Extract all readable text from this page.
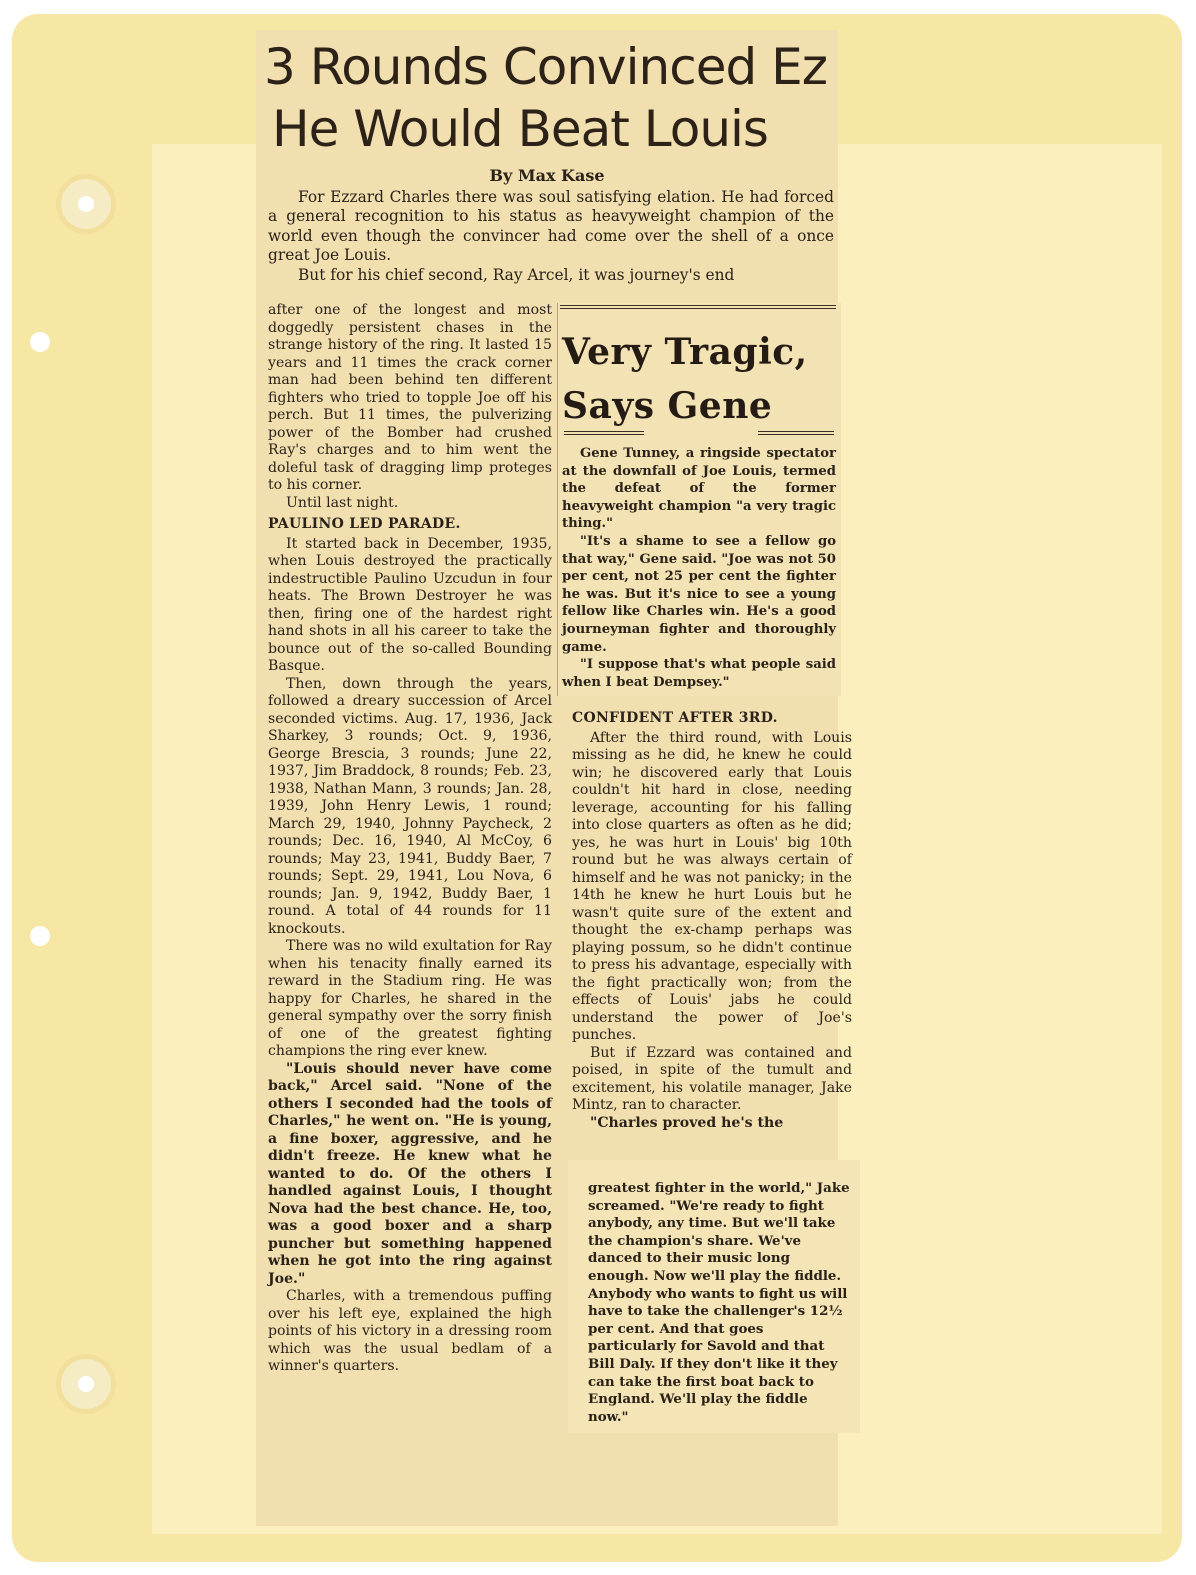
3 Rounds Convinced Ez
He Would Beat Louis
By Max Kase

For Ezzard Charles there was soul satisfying elation. He had forced a general recognition to his status as heavyweight champion of the world even though the convincer had come over the shell of a once great Joe Louis.

But for his chief second, Ray Arcel, it was journey's end

after one of the longest and most doggedly persistent chases in the strange history of the ring. It lasted 15 years and 11 times the crack corner man had been behind ten different fighters who tried to topple Joe off his perch. But 11 times, the pulverizing power of the Bomber had crushed Ray's charges and to him went the doleful task of dragging limp proteges to his corner.

Until last night.

PAULINO LED PARADE.

It started back in December, 1935, when Louis destroyed the practically indestructible Paulino Uzcudun in four heats. The Brown Destroyer he was then, firing one of the hardest right hand shots in all his career to take the bounce out of the so-called Bounding Basque.

Then, down through the years, followed a dreary succession of Arcel seconded victims. Aug. 17, 1936, Jack Sharkey, 3 rounds; Oct. 9, 1936, George Brescia, 3 rounds; June 22, 1937, Jim Braddock, 8 rounds; Feb. 23, 1938, Nathan Mann, 3 rounds; Jan. 28, 1939, John Henry Lewis, 1 round; March 29, 1940, Johnny Paycheck, 2 rounds; Dec. 16, 1940, Al McCoy, 6 rounds; May 23, 1941, Buddy Baer, 7 rounds; Sept. 29, 1941, Lou Nova, 6 rounds; Jan. 9, 1942, Buddy Baer, 1 round. A total of 44 rounds for 11 knockouts.

There was no wild exultation for Ray when his tenacity finally earned its reward in the Stadium ring. He was happy for Charles, he shared in the general sympathy over the sorry finish of one of the greatest fighting champions the ring ever knew.

"Louis should never have come back," Arcel said. "None of the others I seconded had the tools of Charles," he went on. "He is young, a fine boxer, aggressive, and he didn't freeze. He knew what he wanted to do. Of the others I handled against Louis, I thought Nova had the best chance. He, too, was a good boxer and a sharp puncher but something happened when he got into the ring against Joe."

Charles, with a tremendous puffing over his left eye, explained the high points of his victory in a dressing room which was the usual bedlam of a winner's quarters.

CONFIDENT AFTER 3RD.

After the third round, with Louis missing as he did, he knew he could win; he discovered early that Louis couldn't hit hard in close, needing leverage, accounting for his falling into close quarters as often as he did; yes, he was hurt in Louis' big 10th round but he was always certain of himself and he was not panicky; in the 14th he knew he hurt Louis but he wasn't quite sure of the extent and thought the ex-champ perhaps was playing possum, so he didn't continue to press his advantage, especially with the fight practically won; from the effects of Louis' jabs he could understand the power of Joe's punches.

But if Ezzard was contained and poised, in spite of the tumult and excitement, his volatile manager, Jake Mintz, ran to character.

"Charles proved he's the

Very Tragic, Says Gene

Gene Tunney, a ringside spectator at the downfall of Joe Louis, termed the defeat of the former heavyweight champion "a very tragic thing."

"It's a shame to see a fellow go that way," Gene said. "Joe was not 50 per cent, not 25 per cent the fighter he was. But it's nice to see a young fellow like Charles win. He's a good journeyman fighter and thoroughly game.

"I suppose that's what people said when I beat Dempsey."

greatest fighter in the world," Jake screamed. "We're ready to fight anybody, any time. But we'll take the champion's share. We've danced to their music long enough. Now we'll play the fiddle. Anybody who wants to fight us will have to take the challenger's 12½ per cent. And that goes particularly for Savold and that Bill Daly. If they don't like it they can take the first boat back to England. We'll play the fiddle now."
